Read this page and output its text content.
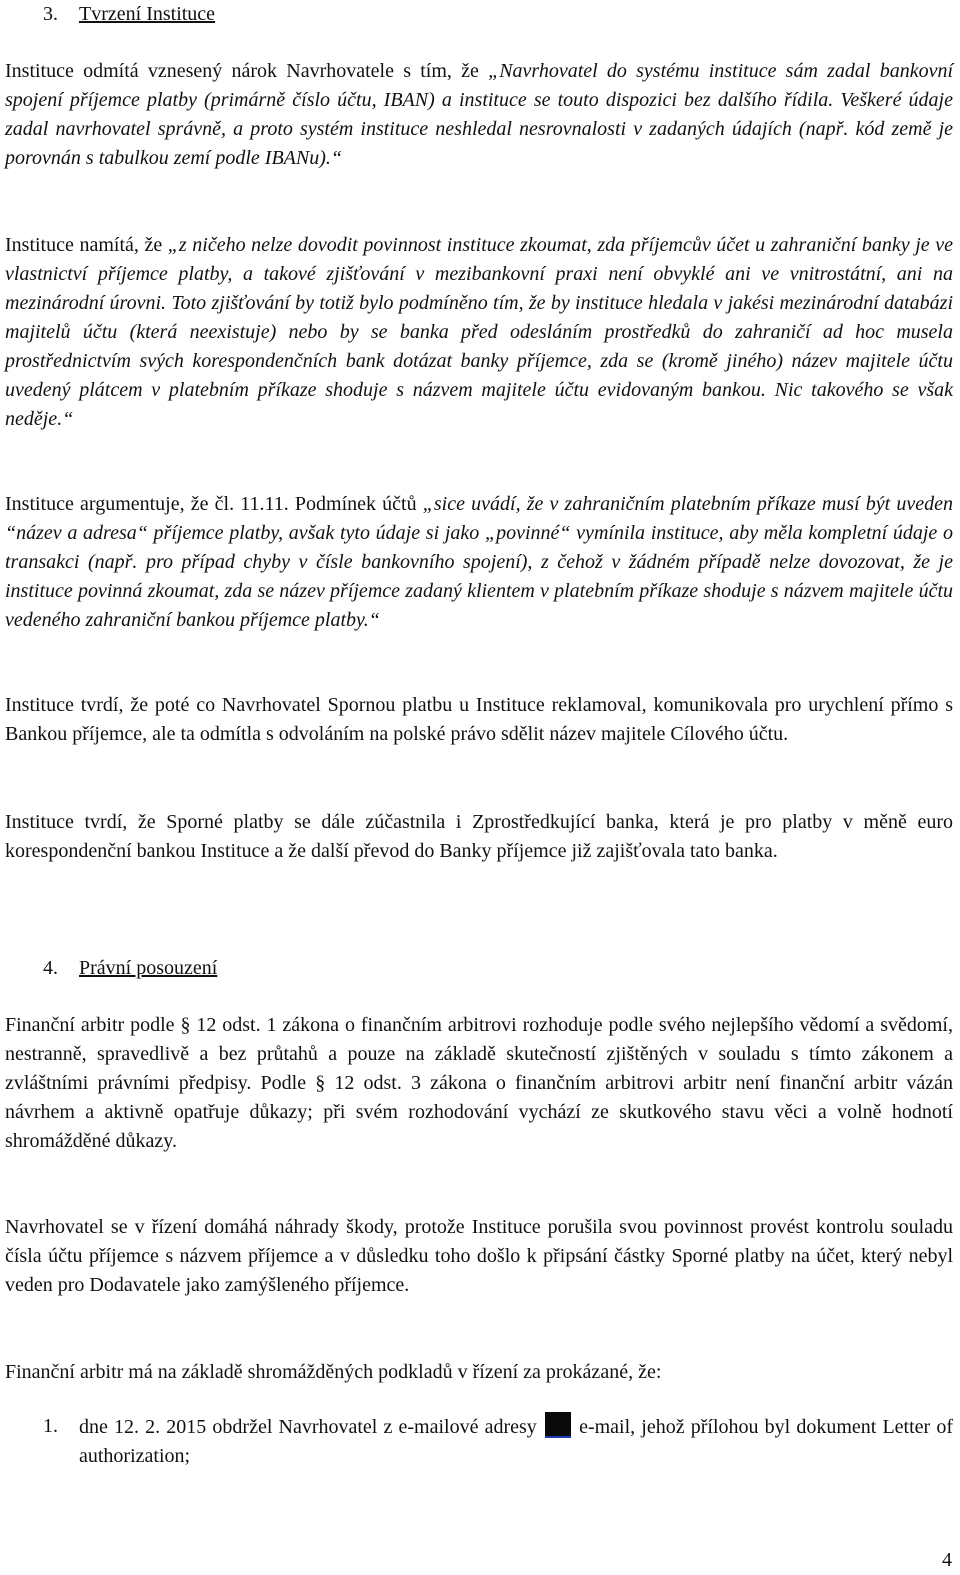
3. Tvrzení Instituce

Instituce odmítá vznesený nárok Navrhovatele s tím, že „Navrhovatel do systému instituce sám zadal bankovní spojení příjemce platby (primárně číslo účtu, IBAN) a instituce se touto dispozici bez dalšího řídila. Veškeré údaje zadal navrhovatel správně, a proto systém instituce neshledal nesrovnalosti v zadaných údajích (např. kód země je porovnán s tabulkou zemí podle IBANu).“

Instituce namítá, že „z ničeho nelze dovodit povinnost instituce zkoumat, zda příjemcův účet u zahraniční banky je ve vlastnictví příjemce platby, a takové zjišťování v mezibankovní praxi není obvyklé ani ve vnitrostátní, ani na mezinárodní úrovni. Toto zjišťování by totiž bylo podmíněno tím, že by instituce hledala v jakési mezinárodní databázi majitelů účtu (která neexistuje) nebo by se banka před odesláním prostředků do zahraničí ad hoc musela prostřednictvím svých korespondenčních bank dotázat banky příjemce, zda se (kromě jiného) název majitele účtu uvedený plátcem v platebním příkaze shoduje s názvem majitele účtu evidovaným bankou. Nic takového se však neděje.“

Instituce argumentuje, že čl. 11.11. Podmínek účtů „sice uvádí, že v zahraničním platebním příkaze musí být uveden “název a adresa“ příjemce platby, avšak tyto údaje si jako „povinné“ vymínila instituce, aby měla kompletní údaje o transakci (např. pro případ chyby v čísle bankovního spojení), z čehož v žádném případě nelze dovozovat, že je instituce povinná zkoumat, zda se název příjemce zadaný klientem v platebním příkaze shoduje s názvem majitele účtu vedeného zahraniční bankou příjemce platby.“

Instituce tvrdí, že poté co Navrhovatel Spornou platbu u Instituce reklamoval, komunikovala pro urychlení přímo s Bankou příjemce, ale ta odmítla s odvoláním na polské právo sdělit název majitele Cílového účtu.

Instituce tvrdí, že Sporné platby se dále zúčastnila i Zprostředkující banka, která je pro platby v měně euro korespondenční bankou Instituce a že další převod do Banky příjemce již zajišťovala tato banka.

4. Právní posouzení

Finanční arbitr podle § 12 odst. 1 zákona o finančním arbitrovi rozhoduje podle svého nejlepšího vědomí a svědomí, nestranně, spravedlivě a bez průtahů a pouze na základě skutečností zjištěných v souladu s tímto zákonem a zvláštními právními předpisy. Podle § 12 odst. 3 zákona o finančním arbitrovi arbitr není finanční arbitr vázán návrhem a aktivně opatřuje důkazy; při svém rozhodování vychází ze skutkového stavu věci a volně hodnotí shromážděné důkazy.

Navrhovatel se v řízení domáhá náhrady škody, protože Instituce porušila svou povinnost provést kontrolu souladu čísla účtu příjemce s názvem příjemce a v důsledku toho došlo k připsání částky Sporné platby na účet, který nebyl veden pro Dodavatele jako zamýšleného příjemce.

Finanční arbitr má na základě shromážděných podkladů v řízení za prokázané, že:

1. dne 12. 2. 2015 obdržel Navrhovatel z e-mailové adresy  e-mail, jehož přílohou byl dokument Letter of authorization;
4
